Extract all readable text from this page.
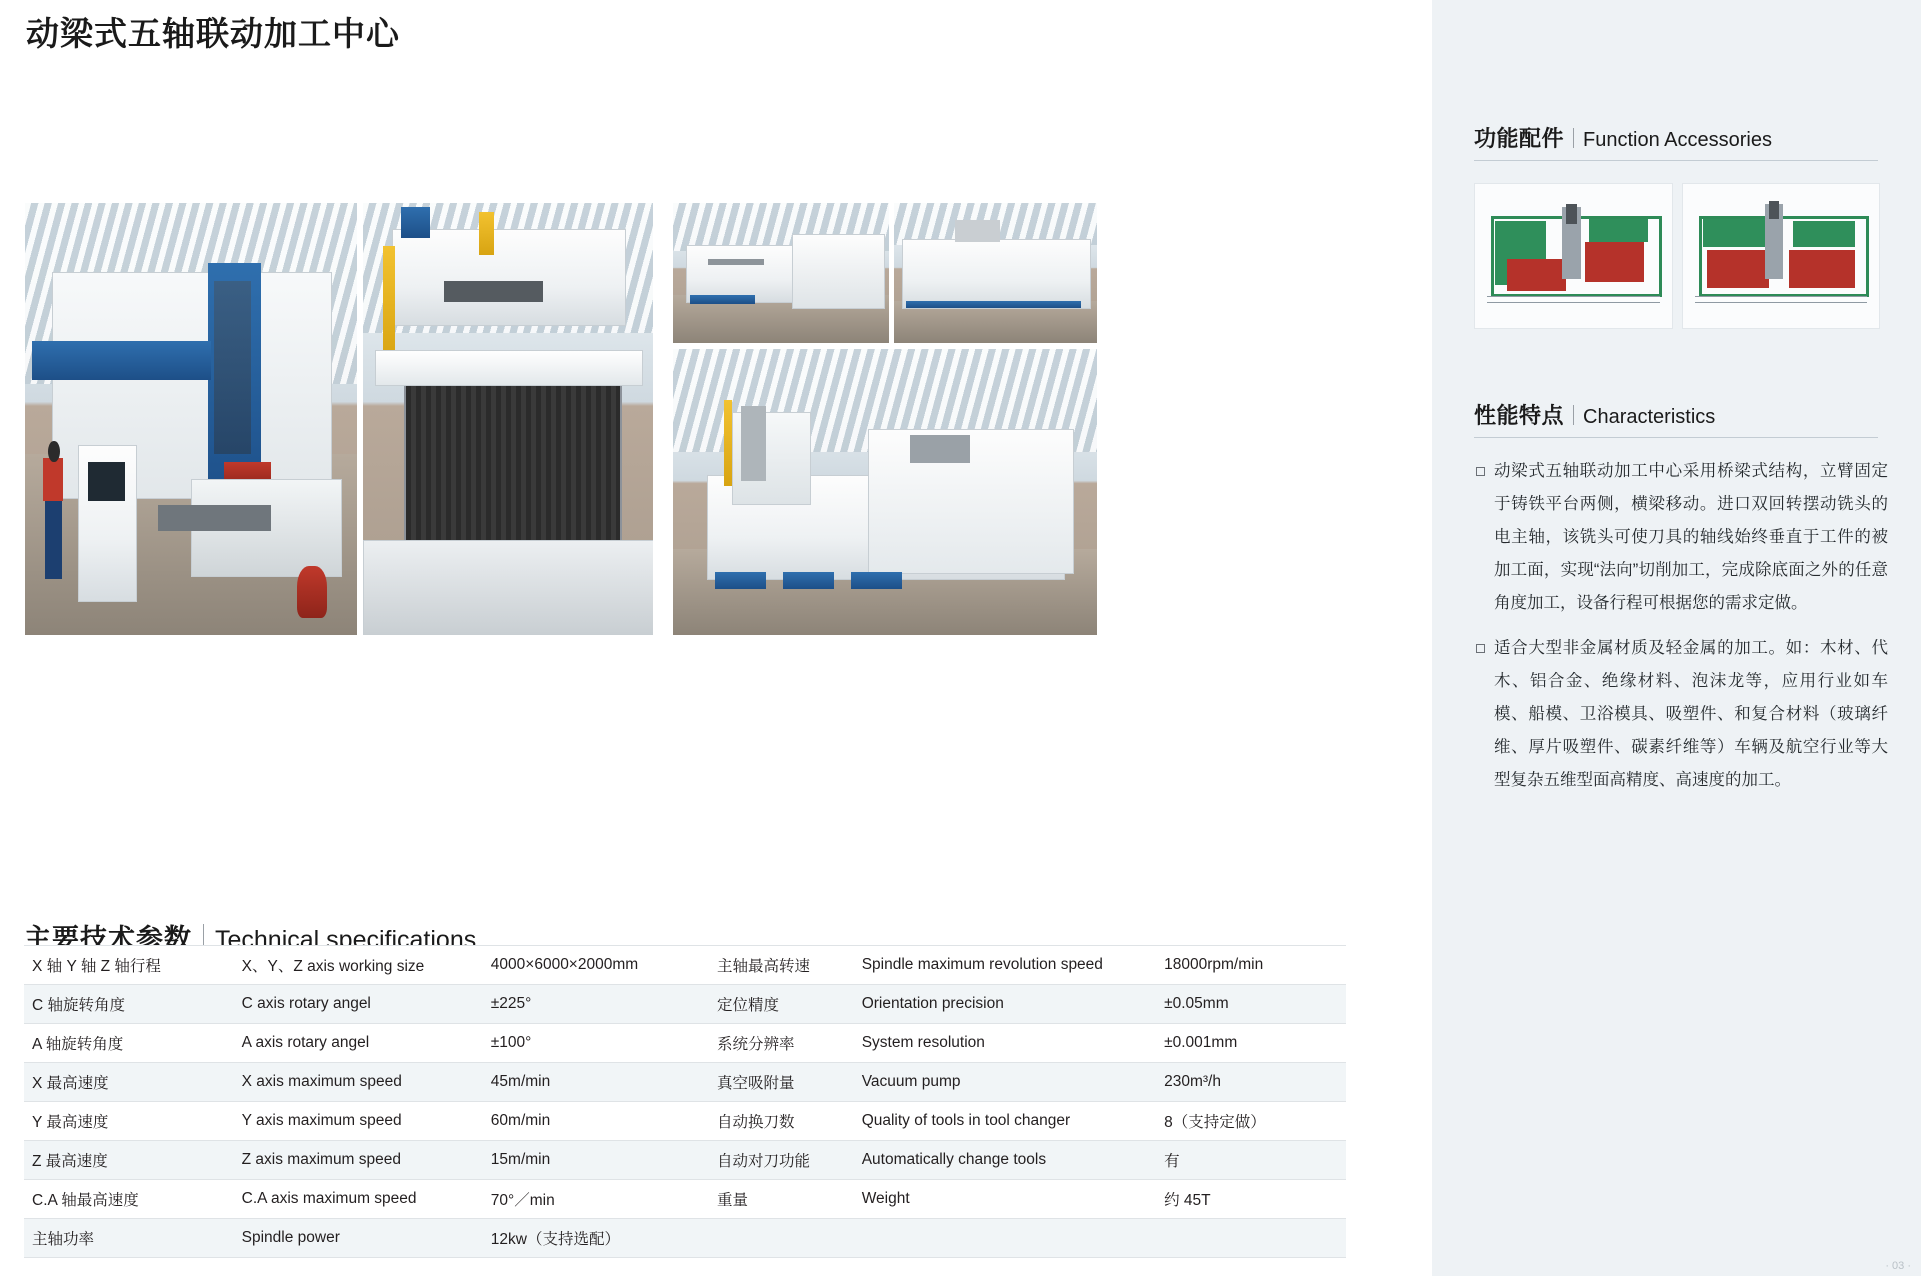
动梁式五轴联动加工中心
主要技术参数 Technical specifications
X 轴 Y 轴 Z 轴行程	X、Y、Z axis working size	4000×6000×2000mm	主轴最高转速	Spindle maximum revolution speed	18000rpm/min
C 轴旋转角度	C axis rotary angel	±225°	定位精度	Orientation precision	±0.05mm
A 轴旋转角度	A axis rotary angel	±100°	系统分辨率	System resolution	±0.001mm
X 最高速度	X axis maximum speed	45m/min	真空吸附量	Vacuum pump	230m³/h
Y 最高速度	Y axis maximum speed	60m/min	自动换刀数	Quality of tools in tool changer	8（支持定做）
Z 最高速度	Z axis maximum speed	15m/min	自动对刀功能	Automatically change tools	有
C.A 轴最高速度	C.A axis maximum speed	70°／min	重量	Weight	约 45T
主轴功率	Spindle power	12kw（支持选配）			
功能配件 Function Accessories
性能特点 Characteristics
动梁式五轴联动加工中心采用桥梁式结构，立臂固定于铸铁平台两侧，横梁移动。进口双回转摆动铣头的电主轴，该铣头可使刀具的轴线始终垂直于工件的被加工面，实现“法向”切削加工，完成除底面之外的任意角度加工，设备行程可根据您的需求定做。
适合大型非金属材质及轻金属的加工。如：木材、代木、铝合金、绝缘材料、泡沫龙等，应用行业如车模、船模、卫浴模具、吸塑件、和复合材料（玻璃纤维、厚片吸塑件、碳素纤维等）车辆及航空行业等大型复杂五维型面高精度、高速度的加工。
· 03 ·
